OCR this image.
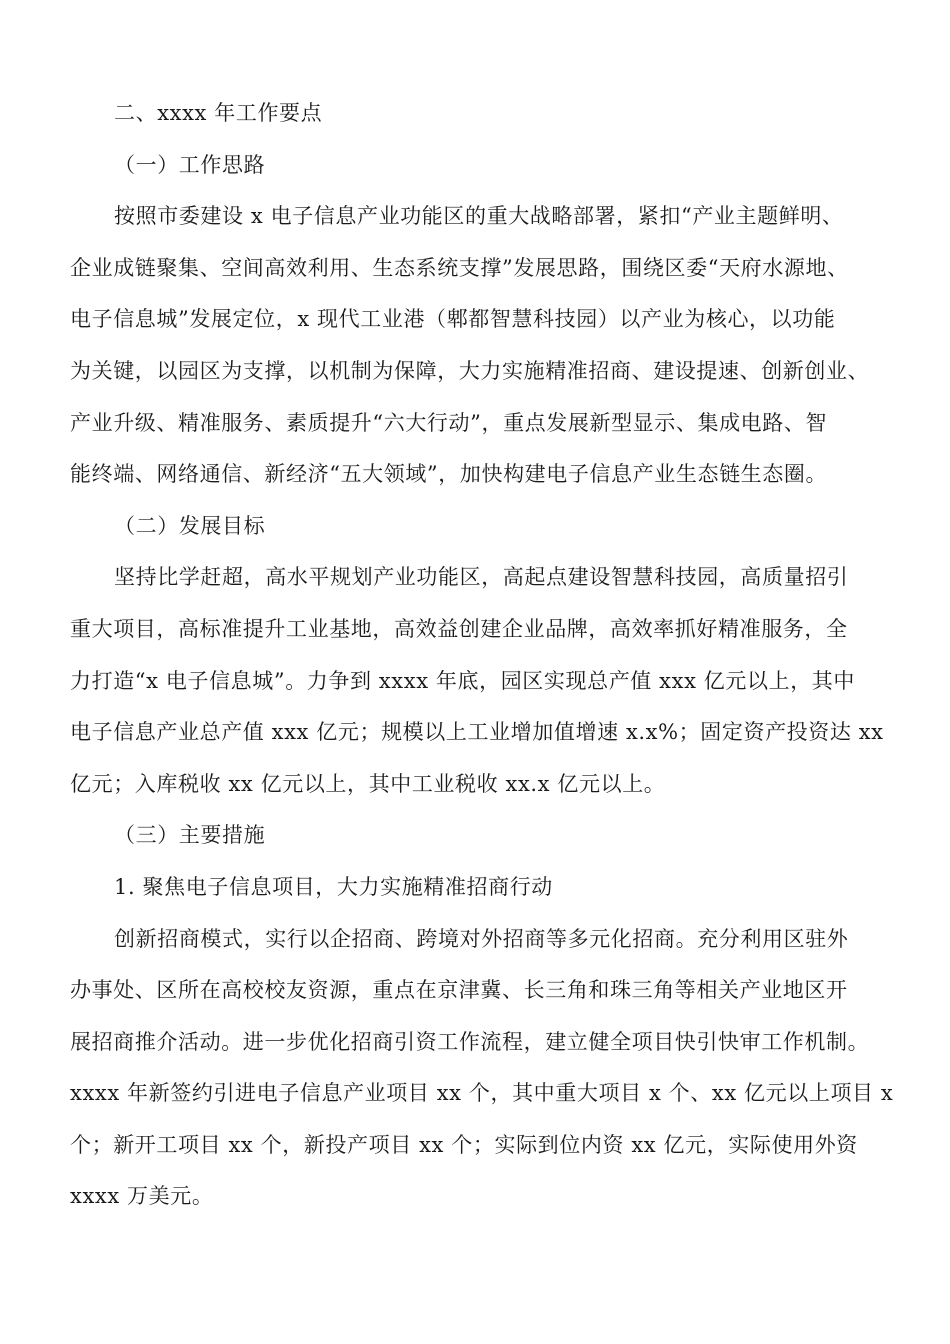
二、xxxx 年工作要点
（一）工作思路
按照市委建设 x 电子信息产业功能区的重大战略部署，紧扣“产业主题鲜明、
企业成链聚集、空间高效利用、生态系统支撑”发展思路，围绕区委“天府水源地、
电子信息城”发展定位，x 现代工业港（郫都智慧科技园）以产业为核心，以功能
为关键，以园区为支撑，以机制为保障，大力实施精准招商、建设提速、创新创业、
产业升级、精准服务、素质提升“六大行动”，重点发展新型显示、集成电路、智
能终端、网络通信、新经济“五大领域”，加快构建电子信息产业生态链生态圈。
（二）发展目标
坚持比学赶超，高水平规划产业功能区，高起点建设智慧科技园，高质量招引
重大项目，高标准提升工业基地，高效益创建企业品牌，高效率抓好精准服务，全
力打造“x 电子信息城”。力争到 xxxx 年底，园区实现总产值 xxx 亿元以上，其中
电子信息产业总产值 xxx 亿元；规模以上工业增加值增速 x.x%；固定资产投资达 xx
亿元；入库税收 xx 亿元以上，其中工业税收 xx.x 亿元以上。
（三）主要措施
1. 聚焦电子信息项目，大力实施精准招商行动
创新招商模式，实行以企招商、跨境对外招商等多元化招商。充分利用区驻外
办事处、区所在高校校友资源，重点在京津冀、长三角和珠三角等相关产业地区开
展招商推介活动。进一步优化招商引资工作流程，建立健全项目快引快审工作机制。
xxxx 年新签约引进电子信息产业项目 xx 个，其中重大项目 x 个、xx 亿元以上项目 x
个；新开工项目 xx 个，新投产项目 xx 个；实际到位内资 xx 亿元，实际使用外资
xxxx 万美元。
